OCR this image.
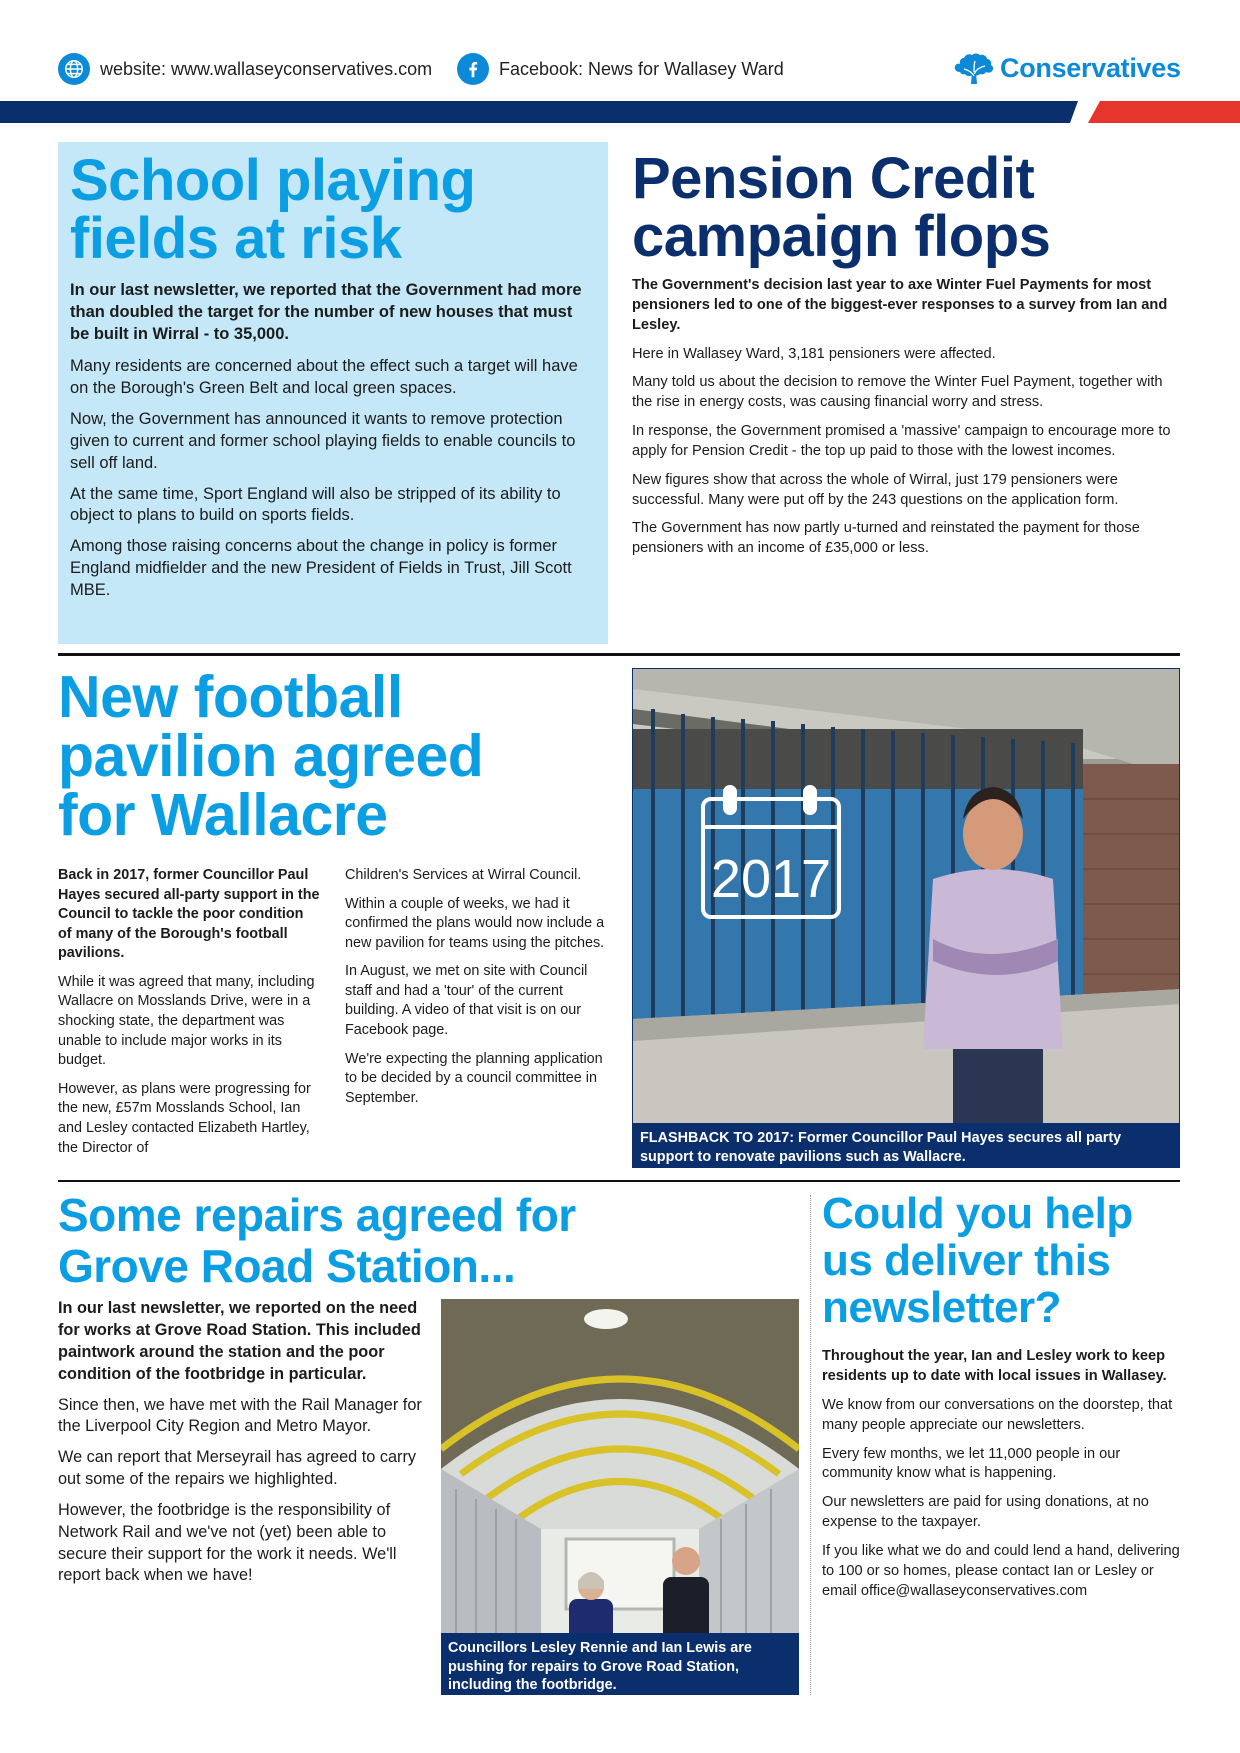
website: www.wallaseyconservatives.com	Facebook: News for Wallasey Ward	Conservatives
School playing
fields at risk
In our last newsletter, we reported that the Government had more than doubled the target for the number of new houses that must be built in Wirral - to 35,000.
Many residents are concerned about the effect such a target will have on the Borough's Green Belt and local green spaces.
Now, the Government has announced it wants to remove protection given to current and former school playing fields to enable councils to sell off land.
At the same time, Sport England will also be stripped of its ability to object to plans to build on sports fields.
Among those raising concerns about the change in policy is former England midfielder and the new President of Fields in Trust, Jill Scott MBE.
Pension Credit
campaign flops
The Government's decision last year to axe Winter Fuel Payments for most pensioners led to one of the biggest-ever responses to a survey from Ian and Lesley.
Here in Wallasey Ward, 3,181 pensioners were affected.
Many told us about the decision to remove the Winter Fuel Payment, together with the rise in energy costs, was causing financial worry and stress.
In response, the Government promised a 'massive' campaign to encourage more to apply for Pension Credit - the top up paid to those with the lowest incomes.
New figures show that across the whole of Wirral, just 179 pensioners were successful. Many were put off by the 243 questions on the application form.
The Government has now partly u-turned and reinstated the payment for those pensioners with an income of £35,000 or less.
New football
pavilion agreed
for Wallacre
Back in 2017, former Councillor Paul Hayes secured all-party support in the Council to tackle the poor condition of many of the Borough's football pavilions.
While it was agreed that many, including Wallacre on Mosslands Drive, were in a shocking state, the department was unable to include major works in its budget.
However, as plans were progressing for the new, £57m Mosslands School, Ian and Lesley contacted Elizabeth Hartley, the Director of
Children's Services at Wirral Council.
Within a couple of weeks, we had it confirmed the plans would now include a new pavilion for teams using the pitches.
In August, we met on site with Council staff and had a 'tour' of the current building. A video of that visit is on our Facebook page.
We're expecting the planning application to be decided by a council committee in September.
2017
FLASHBACK TO 2017: Former Councillor Paul Hayes secures all party support to renovate pavilions such as Wallacre.
Some repairs agreed for
Grove Road Station...
In our last newsletter, we reported on the need for works at Grove Road Station. This included paintwork around the station and the poor condition of the footbridge in particular.
Since then, we have met with the Rail Manager for the Liverpool City Region and Metro Mayor.
We can report that Merseyrail has agreed to carry out some of the repairs we highlighted.
However, the footbridge is the responsibility of Network Rail and we've not (yet) been able to secure their support for the work it needs. We'll report back when we have!
Councillors Lesley Rennie and Ian Lewis are pushing for repairs to Grove Road Station, including the footbridge.
Could you help
us deliver this
newsletter?
Throughout the year, Ian and Lesley work to keep residents up to date with local issues in Wallasey.
We know from our conversations on the doorstep, that many people appreciate our newsletters.
Every few months, we let 11,000 people in our community know what is happening.
Our newsletters are paid for using donations, at no expense to the taxpayer.
If you like what we do and could lend a hand, delivering to 100 or so homes, please contact Ian or Lesley or email office@wallaseyconservatives.com
